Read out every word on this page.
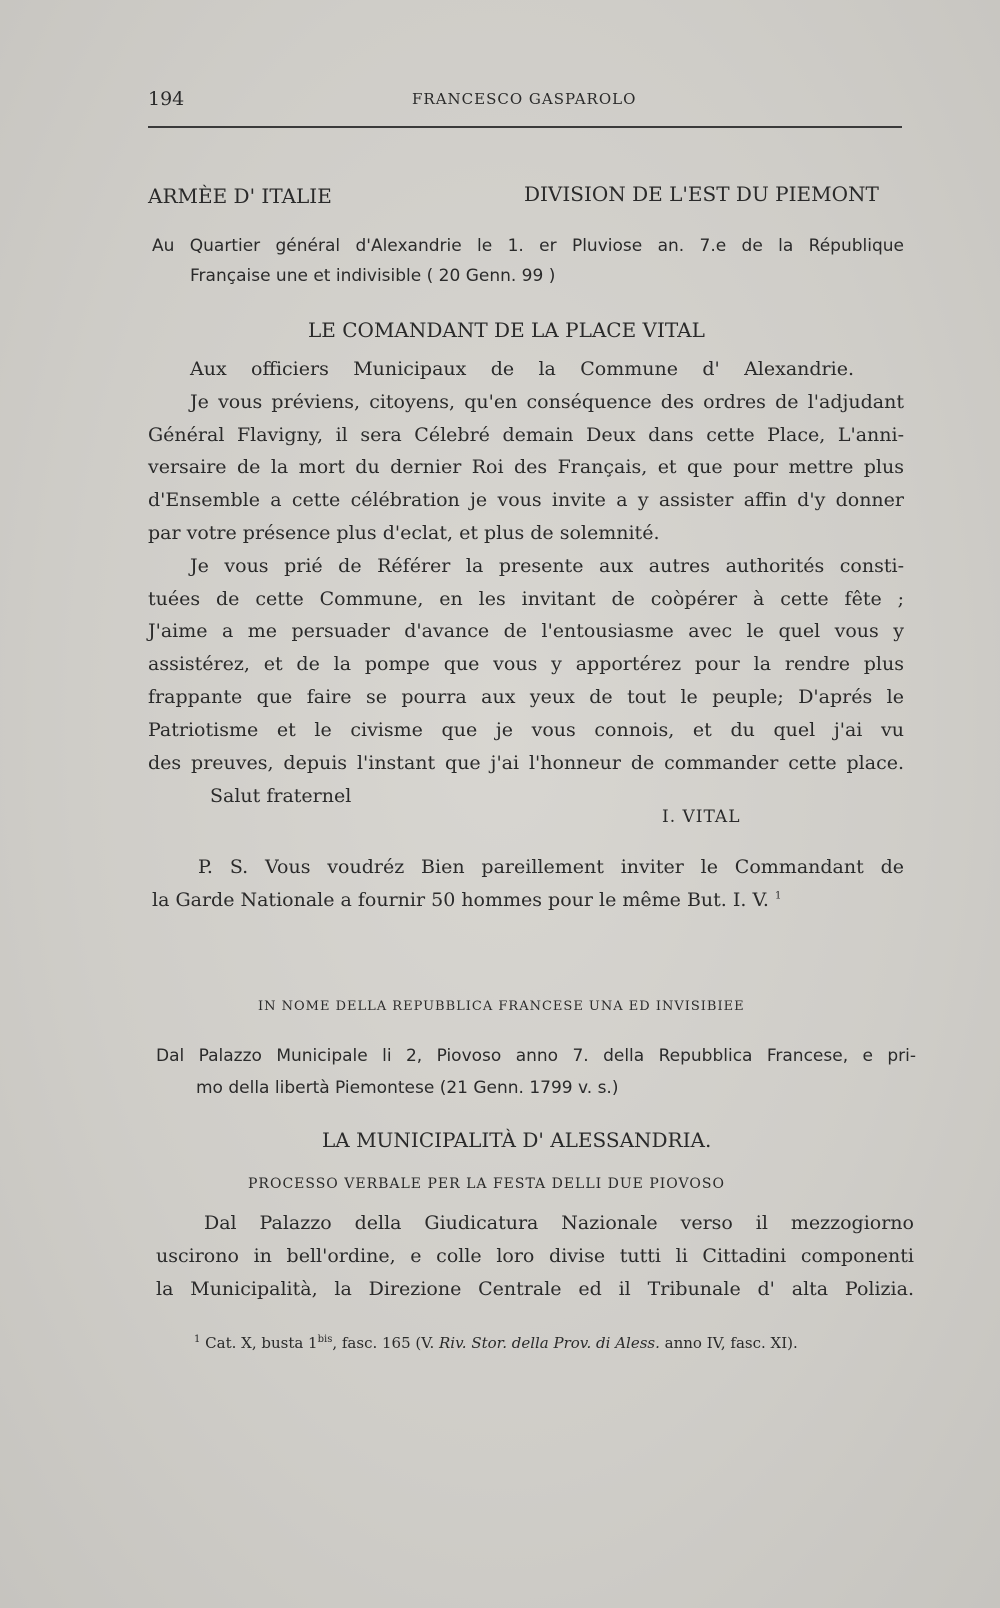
194	FRANCESCO GASPAROLO
ARMÈE D' ITALIE	DIVISION DE L'EST DU PIEMONT
Au Quartier général d'Alexandrie le 1. er Pluviose an. 7.e de la République
Française une et indivisible ( 20 Genn. 99 )
LE COMANDANT DE LA PLACE VITAL
Aux officiers Municipaux de la Commune d' Alexandrie.
Je vous préviens, citoyens, qu'en conséquence des ordres de l'adjudant
Général Flavigny, il sera Célebré demain Deux dans cette Place, L'anni-
versaire de la mort du dernier Roi des Français, et que pour mettre plus
d'Ensemble a cette célébration je vous invite a y assister affin d'y donner
par votre présence plus d'eclat, et plus de solemnité.
Je vous prié de Référer la presente aux autres authorités consti-
tuées de cette Commune, en les invitant de coòpérer à cette fête ;
J'aime a me persuader d'avance de l'entousiasme avec le quel vous y
assistérez, et de la pompe que vous y apportérez pour la rendre plus
frappante que faire se pourra aux yeux de tout le peuple; D'aprés le
Patriotisme et le civisme que je vous connois, et du quel j'ai vu
des preuves, depuis l'instant que j'ai l'honneur de commander cette place.
Salut fraternel
I. VITAL
P. S. Vous voudréz Bien pareillement inviter le Commandant de
la Garde Nationale a fournir 50 hommes pour le même But. I. V. $^1$
IN NOME DELLA REPUBBLICA FRANCESE UNA ED INVISIBIEE
Dal Palazzo Municipale li 2, Piovoso anno 7. della Repubblica Francese, e pri-
mo della libertà Piemontese (21 Genn. 1799 v. s.)
LA MUNICIPALITÀ D' ALESSANDRIA.
PROCESSO VERBALE PER LA FESTA DELLI DUE PIOVOSO
Dal Palazzo della Giudicatura Nazionale verso il mezzogiorno
uscirono in bell'ordine, e colle loro divise tutti li Cittadini componenti
la Municipalità, la Direzione Centrale ed il Tribunale d' alta Polizia.
$^1$ Cat. X, busta $1^{bis}$, fasc. 165 (V. Riv. Stor. della Prov. di Aless. anno IV, fasc. XI).
